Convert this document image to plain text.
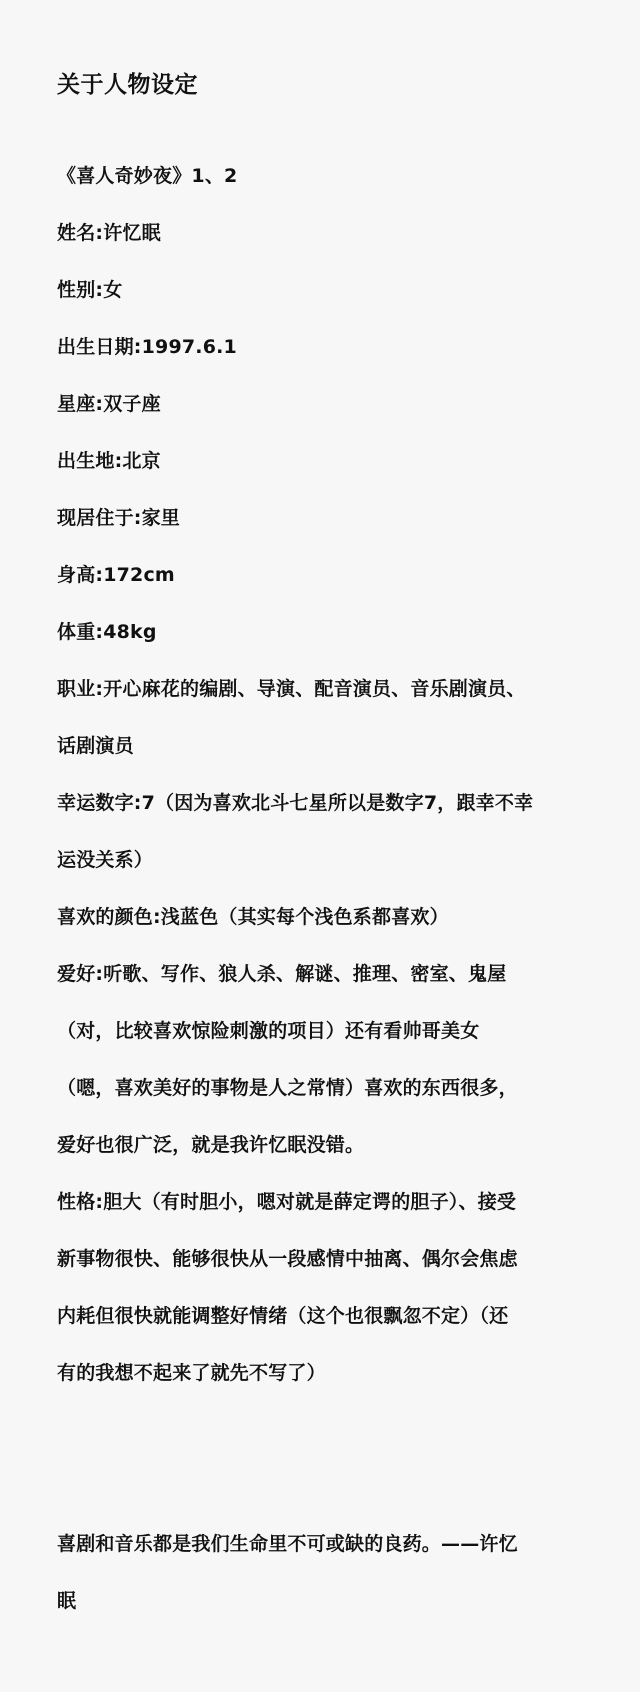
关于人物设定
《喜人奇妙夜》1、2
姓名:许忆眠
性别:女
出生日期:1997.6.1
星座:双子座
出生地:北京
现居住于:家里
身高:172cm
体重:48kg
职业:开心麻花的编剧、导演、配音演员、音乐剧演员、
话剧演员
幸运数字:7（因为喜欢北斗七星所以是数字7，跟幸不幸
运没关系）
喜欢的颜色:浅蓝色（其实每个浅色系都喜欢）
爱好:听歌、写作、狼人杀、解谜、推理、密室、鬼屋
（对，比较喜欢惊险刺激的项目）还有看帅哥美女
（嗯，喜欢美好的事物是人之常情）喜欢的东西很多，
爱好也很广泛，就是我许忆眠没错。
性格:胆大（有时胆小，嗯对就是薛定谔的胆子）、接受
新事物很快、能够很快从一段感情中抽离、偶尔会焦虑
内耗但很快就能调整好情绪（这个也很飘忽不定）（还
有的我想不起来了就先不写了）
喜剧和音乐都是我们生命里不可或缺的良药。——许忆
眠
